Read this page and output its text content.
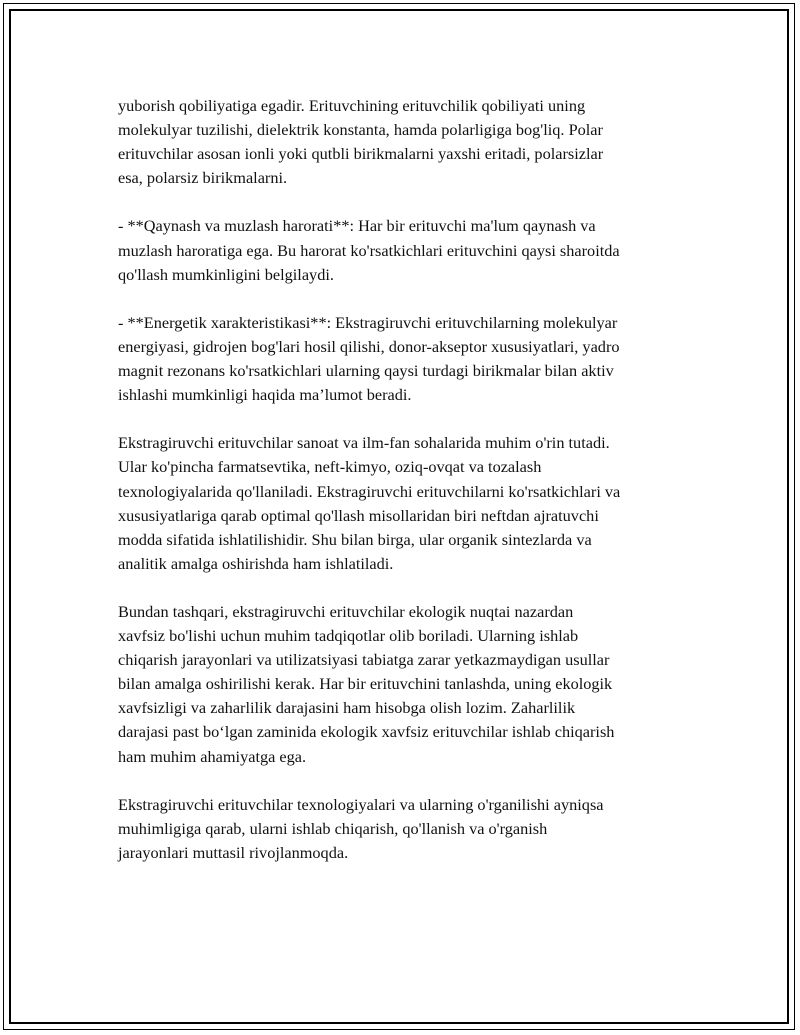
yuborish qobiliyatiga egadir. Erituvchining erituvchilik qobiliyati uning
molekulyar tuzilishi, dielektrik konstanta, hamda polarligiga bog'liq. Polar
erituvchilar asosan ionli yoki qutbli birikmalarni yaxshi eritadi, polarsizlar
esa, polarsiz birikmalarni.

- **Qaynash va muzlash harorati**: Har bir erituvchi ma'lum qaynash va
muzlash haroratiga ega. Bu harorat ko'rsatkichlari erituvchini qaysi sharoitda
qo'llash mumkinligini belgilaydi.

- **Energetik xarakteristikasi**: Ekstragiruvchi erituvchilarning molekulyar
energiyasi, gidrojen bog'lari hosil qilishi, donor-akseptor xususiyatlari, yadro
magnit rezonans ko'rsatkichlari ularning qaysi turdagi birikmalar bilan aktiv
ishlashi mumkinligi haqida ma’lumot beradi.

Ekstragiruvchi erituvchilar sanoat va ilm-fan sohalarida muhim o'rin tutadi.
Ular ko'pincha farmatsevtika, neft-kimyo, oziq-ovqat va tozalash
texnologiyalarida qo'llaniladi. Ekstragiruvchi erituvchilarni ko'rsatkichlari va
xususiyatlariga qarab optimal qo'llash misollaridan biri neftdan ajratuvchi
modda sifatida ishlatilishidir. Shu bilan birga, ular organik sintezlarda va
analitik amalga oshirishda ham ishlatiladi.

Bundan tashqari, ekstragiruvchi erituvchilar ekologik nuqtai nazardan
xavfsiz bo'lishi uchun muhim tadqiqotlar olib boriladi. Ularning ishlab
chiqarish jarayonlari va utilizatsiyasi tabiatga zarar yetkazmaydigan usullar
bilan amalga oshirilishi kerak. Har bir erituvchini tanlashda, uning ekologik
xavfsizligi va zaharlilik darajasini ham hisobga olish lozim. Zaharlilik
darajasi past bo‘lgan zaminida ekologik xavfsiz erituvchilar ishlab chiqarish
ham muhim ahamiyatga ega.

Ekstragiruvchi erituvchilar texnologiyalari va ularning o'rganilishi ayniqsa
muhimligiga qarab, ularni ishlab chiqarish, qo'llanish va o'rganish
jarayonlari muttasil rivojlanmoqda.
